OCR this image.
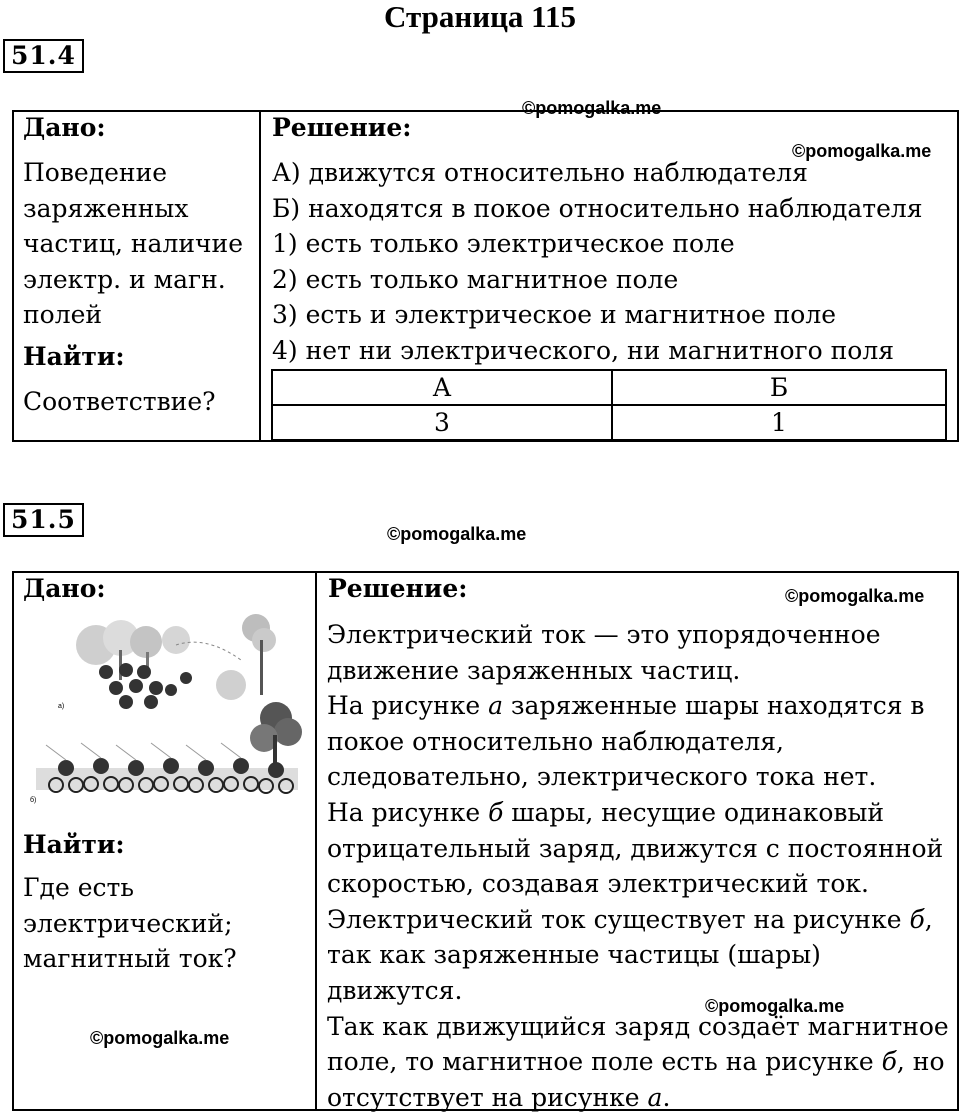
Страница 115
51.4
©pomogalka.me
Дано:
Поведение
заряженных
частиц, наличие
электр. и магн.
полей
Найти:
Соответствие?
Решение:
©pomogalka.me
А) движутся относительно наблюдателя
Б) находятся в покое относительно наблюдателя
1) есть только электрическое поле
2) есть только магнитное поле
3) есть и электрическое и магнитное поле
4) нет ни электрического, ни магнитного поля
А	Б
3	1
51.5	©pomogalka.me
Дано:
а)
б)
Найти:
Где есть
электрический;
магнитный ток?
©pomogalka.me
Решение:	©pomogalka.me
Электрический ток — это упорядоченное
движение заряженных частиц.
На рисунке а заряженные шары находятся в
покое относительно наблюдателя,
следовательно, электрического тока нет.
На рисунке б шары, несущие одинаковый
отрицательный заряд, движутся с постоянной
скоростью, создавая электрический ток.
Электрический ток существует на рисунке б,
так как заряженные частицы (шары)
движутся.
Так как движущийся заряд создаёт магнитное
поле, то магнитное поле есть на рисунке б, но
отсутствует на рисунке а.
©pomogalka.me
